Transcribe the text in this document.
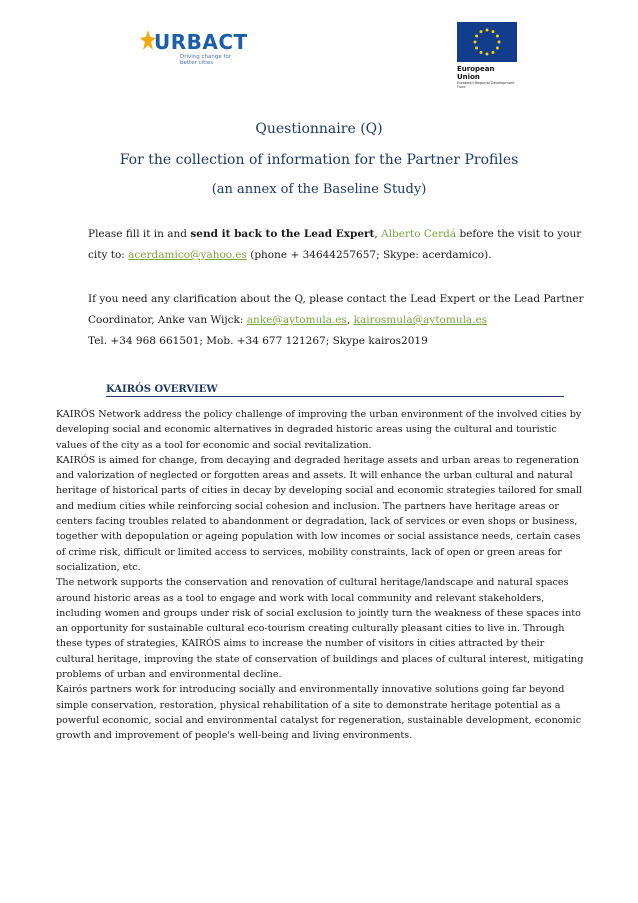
URBACT
Driving change for
better cities
European Union
European Regional Development Fund
Questionnaire (Q)
For the collection of information for the Partner Profiles
(an annex of the Baseline Study)
Please fill it in and send it back to the Lead Expert, Alberto Cerdá before the visit to your city to: acerdamico@yahoo.es (phone + 34644257657; Skype: acerdamico).
If you need any clarification about the Q, please contact the Lead Expert or the Lead Partner Coordinator, Anke van Wijck: anke@aytomula.es, kairosmula@aytomula.es
Tel. +34 968 661501; Mob. +34 677 121267; Skype kairos2019
KAIRÓS OVERVIEW

KAIRÓS Network address the policy challenge of improving the urban environment of the involved cities by developing social and economic alternatives in degraded historic areas using the cultural and touristic values of the city as a tool for economic and social revitalization.

KAIRÓS is aimed for change, from decaying and degraded heritage assets and urban areas to regeneration and valorization of neglected or forgotten areas and assets. It will enhance the urban cultural and natural heritage of historical parts of cities in decay by developing social and economic strategies tailored for small and medium cities while reinforcing social cohesion and inclusion. The partners have heritage areas or centers facing troubles related to abandonment or degradation, lack of services or even shops or business, together with depopulation or ageing population with low incomes or social assistance needs, certain cases of crime risk, difficult or limited access to services, mobility constraints, lack of open or green areas for socialization, etc.

The network supports the conservation and renovation of cultural heritage/landscape and natural spaces around historic areas as a tool to engage and work with local community and relevant stakeholders, including women and groups under risk of social exclusion to jointly turn the weakness of these spaces into an opportunity for sustainable cultural eco-tourism creating culturally pleasant cities to live in. Through these types of strategies, KAIRÓS aims to increase the number of visitors in cities attracted by their cultural heritage, improving the state of conservation of buildings and places of cultural interest, mitigating problems of urban and environmental decline.

Kairós partners work for introducing socially and environmentally innovative solutions going far beyond simple conservation, restoration, physical rehabilitation of a site to demonstrate heritage potential as a powerful economic, social and environmental catalyst for regeneration, sustainable development, economic growth and improvement of people's well-being and living environments.
